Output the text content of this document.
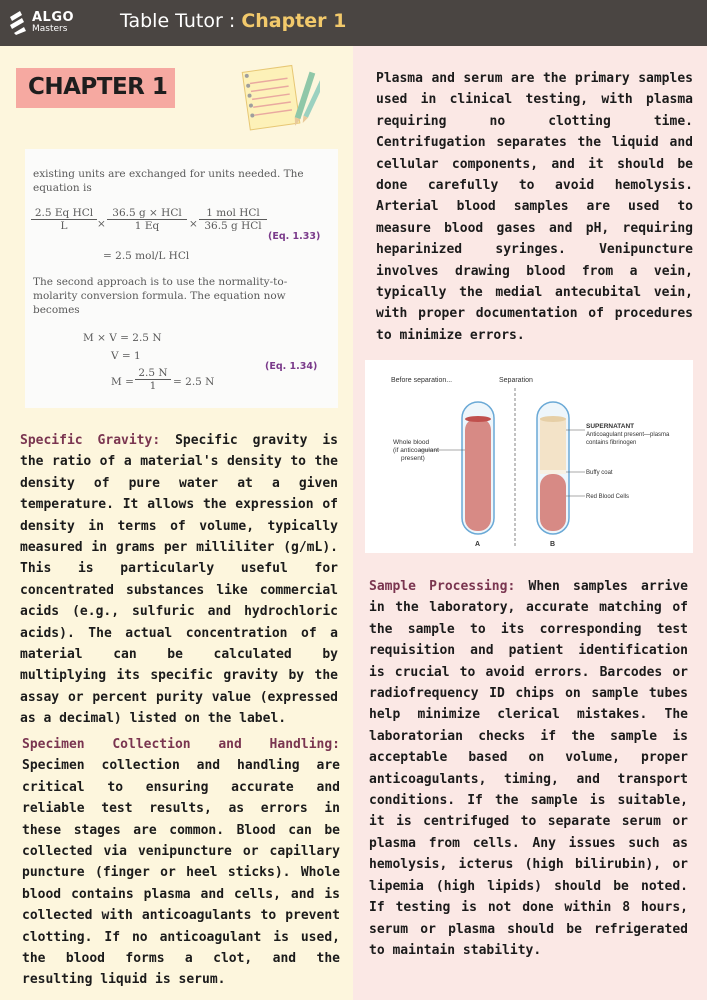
ALGO
Masters	Table Tutor : Chapter 1
CHAPTER 1
existing units are exchanged for units needed. The
equation is
2.5 Eq HCl
L	×
36.5 g × HCl
1 Eq	×
1 mol HCl
36.5 g HCl
(Eq. 1.33)
= 2.5 mol/L HCl
The second approach is to use the normality-to-
molarity conversion formula. The equation now
becomes
M × V = 2.5 N
V = 1
$M = \frac{2.5 N}{1} = 2.5$ N
(Eq. 1.34)
Plasma and serum are the primary samples used in clinical testing, with plasma requiring no clotting time. Centrifugation separates the liquid and cellular components, and it should be done carefully to avoid hemolysis. Arterial blood samples are used to measure blood gases and pH, requiring heparinized syringes. Venipuncture involves drawing blood from a vein, typically the medial antecubital vein, with proper documentation of procedures to minimize errors.
Before separation...	Separation
Whole blood
(if anticoagulant
present)
A
SUPERNATANT
Anticoagulant present—plasma
contains fibrinogen
Buffy coat
Red Blood Cells
B
Specific Gravity: Specific gravity is the ratio of a material's density to the density of pure water at a given temperature. It allows the expression of density in terms of volume, typically measured in grams per milliliter (g/mL). This is particularly useful for concentrated substances like commercial acids (e.g., sulfuric and hydrochloric acids). The actual concentration of a material can be calculated by multiplying its specific gravity by the assay or percent purity value (expressed as a decimal) listed on the label.
Specimen Collection and Handling: Specimen collection and handling are critical to ensuring accurate and reliable test results, as errors in these stages are common. Blood can be collected via venipuncture or capillary puncture (finger or heel sticks). Whole blood contains plasma and cells, and is collected with anticoagulants to prevent clotting. If no anticoagulant is used, the blood forms a clot, and the resulting liquid is serum.
Sample Processing: When samples arrive in the laboratory, accurate matching of the sample to its corresponding test requisition and patient identification is crucial to avoid errors. Barcodes or radiofrequency ID chips on sample tubes help minimize clerical mistakes. The laboratorian checks if the sample is acceptable based on volume, proper anticoagulants, timing, and transport conditions. If the sample is suitable, it is centrifuged to separate serum or plasma from cells. Any issues such as hemolysis, icterus (high bilirubin), or lipemia (high lipids) should be noted. If testing is not done within 8 hours, serum or plasma should be refrigerated to maintain stability.
